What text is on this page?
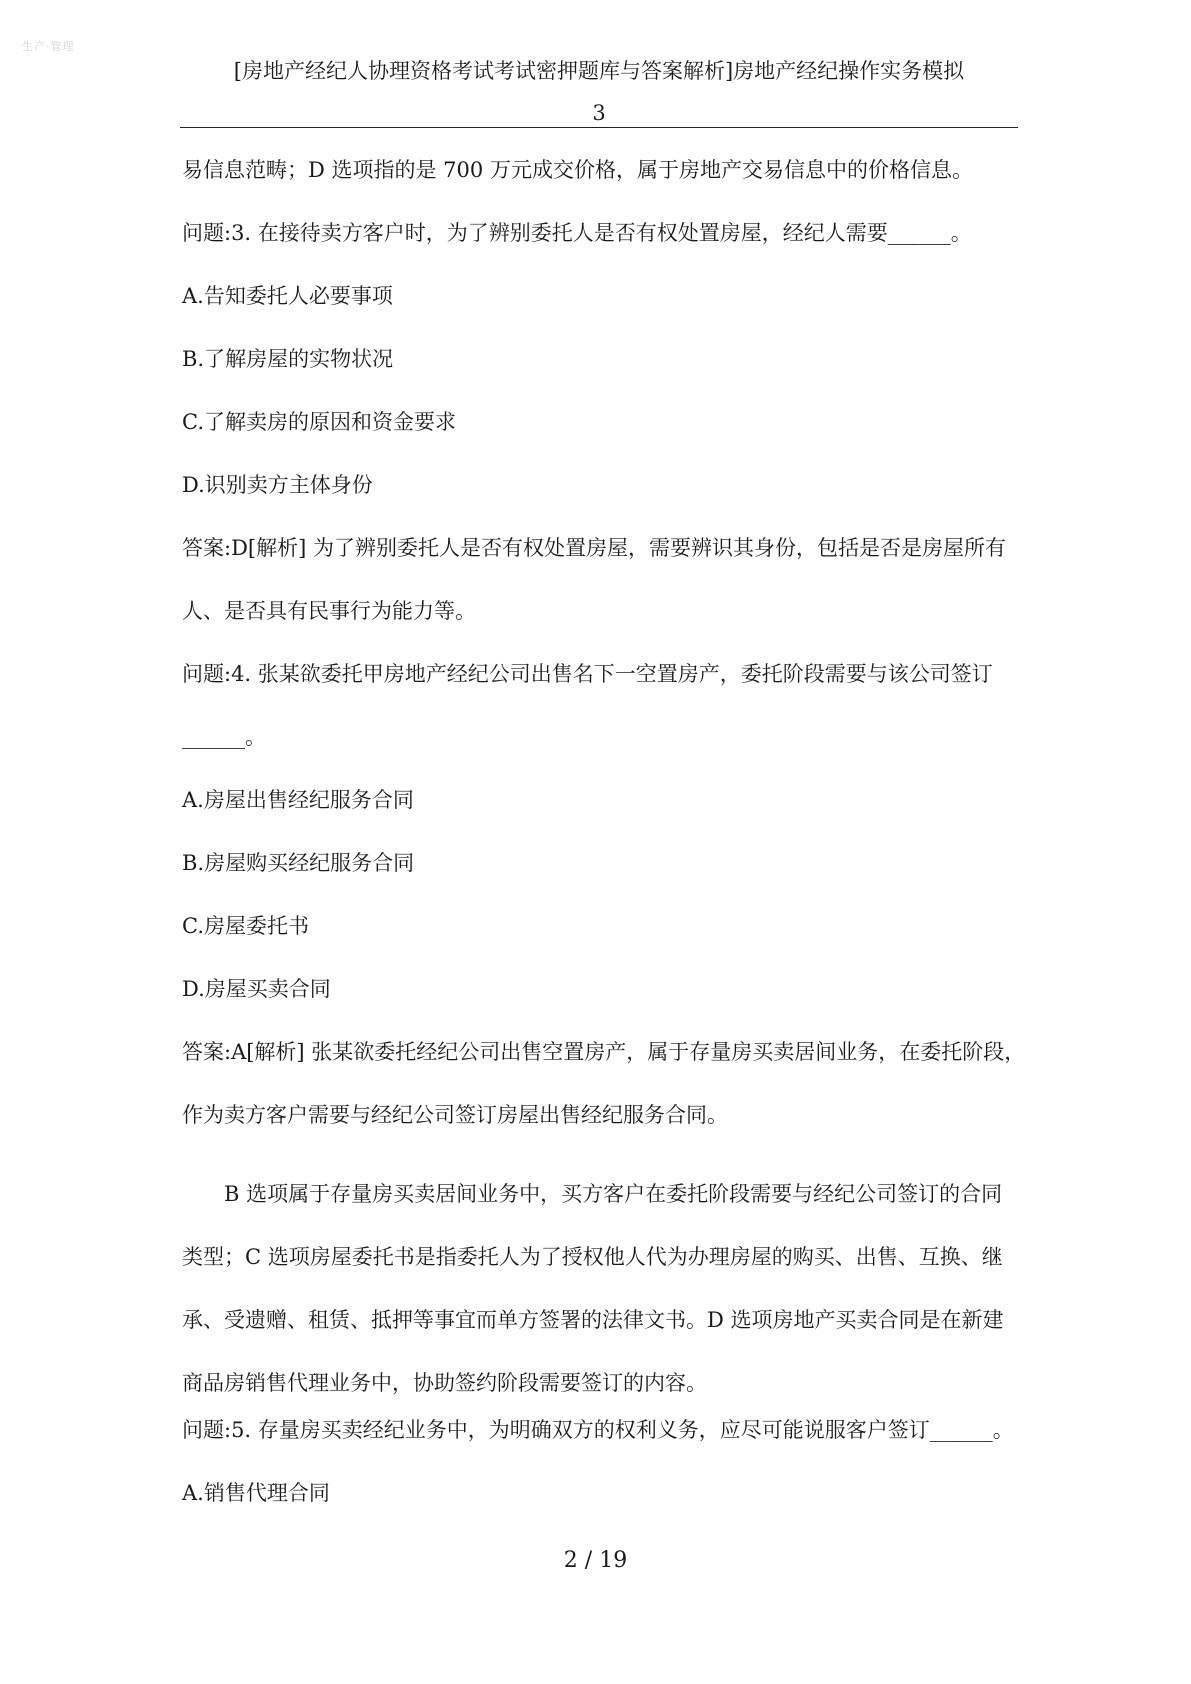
生产·管理
[房地产经纪人协理资格考试考试密押题库与答案解析]房地产经纪操作实务模拟
3
易信息范畴；D 选项指的是 700 万元成交价格，属于房地产交易信息中的价格信息。
问题:3. 在接待卖方客户时，为了辨别委托人是否有权处置房屋，经纪人需要______。
A.告知委托人必要事项
B.了解房屋的实物状况
C.了解卖房的原因和资金要求
D.识别卖方主体身份
答案:D[解析] 为了辨别委托人是否有权处置房屋，需要辨识其身份，包括是否是房屋所有
人、是否具有民事行为能力等。
问题:4. 张某欲委托甲房地产经纪公司出售名下一空置房产，委托阶段需要与该公司签订
______。
A.房屋出售经纪服务合同
B.房屋购买经纪服务合同
C.房屋委托书
D.房屋买卖合同
答案:A[解析] 张某欲委托经纪公司出售空置房产，属于存量房买卖居间业务，在委托阶段，
作为卖方客户需要与经纪公司签订房屋出售经纪服务合同。
B 选项属于存量房买卖居间业务中，买方客户在委托阶段需要与经纪公司签订的合同类型；C 选项房屋委托书是指委托人为了授权他人代为办理房屋的购买、出售、互换、继承、受遗赠、租赁、抵押等事宜而单方签署的法律文书。D 选项房地产买卖合同是在新建商品房销售代理业务中，协助签约阶段需要签订的内容。
问题:5. 存量房买卖经纪业务中，为明确双方的权利义务，应尽可能说服客户签订______。
A.销售代理合同
2 / 19
